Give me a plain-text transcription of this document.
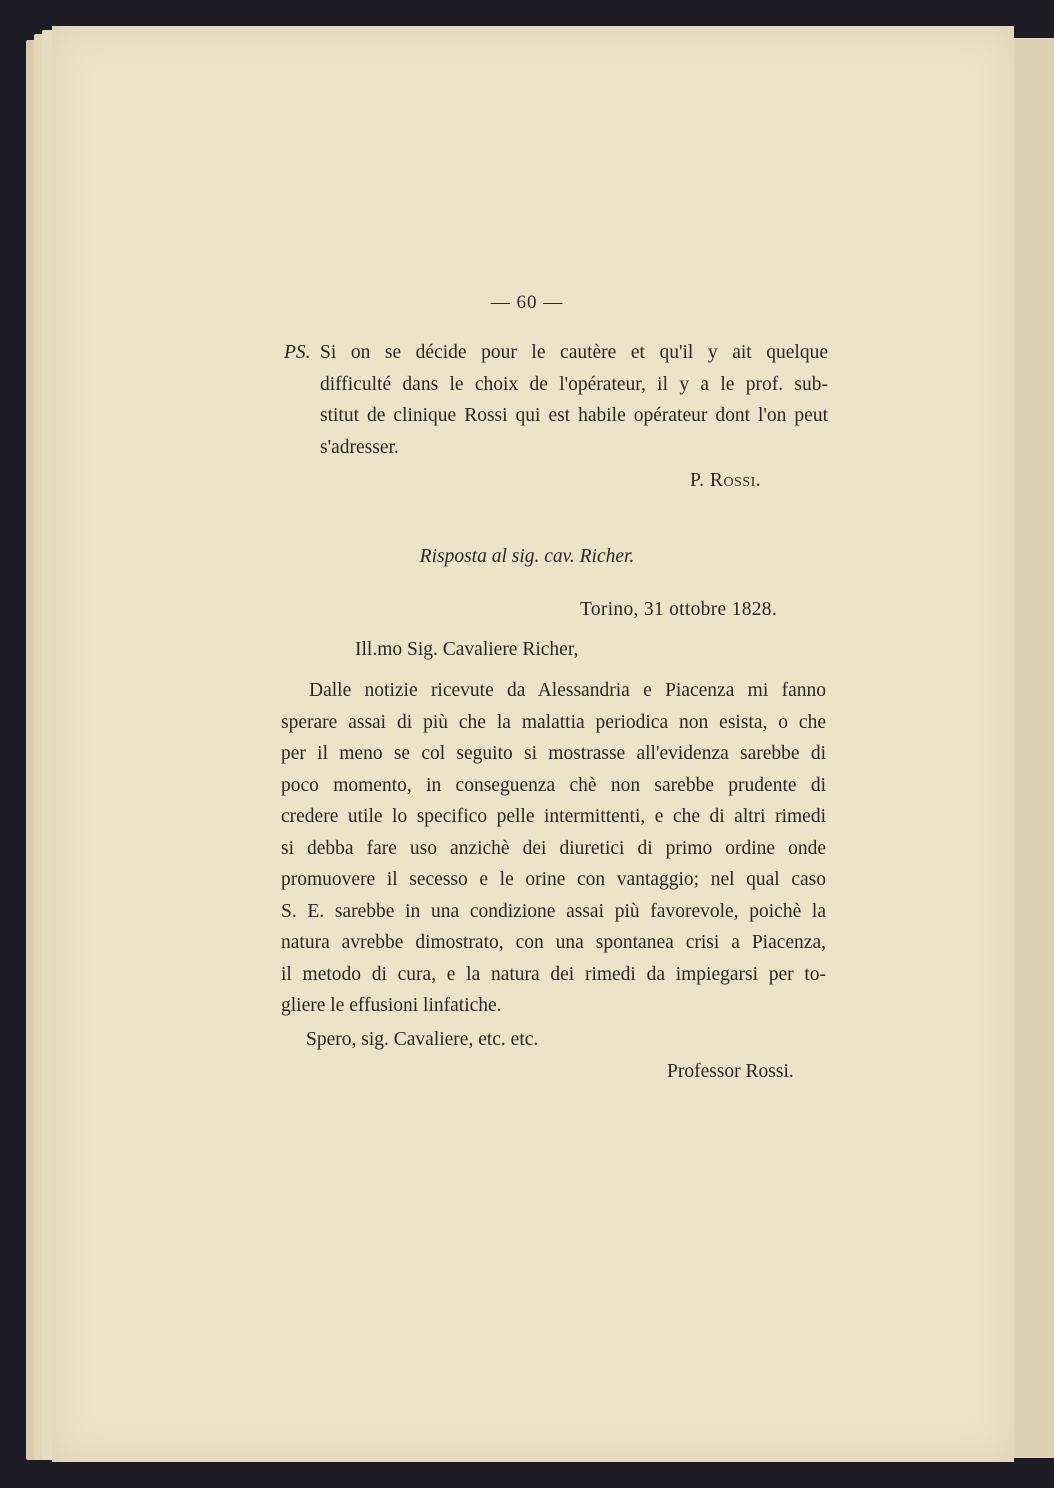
— 60 —
PS. Si on se décide pour le cautère et qu'il y ait quelque
difficulté dans le choix de l'opérateur, il y a le prof. sub-
stitut de clinique Rossi qui est habile opérateur dont l'on peut
s'adresser.
P. Rossi.
Risposta al sig. cav. Richer.
Torino, 31 ottobre 1828.
Ill.mo Sig. Cavaliere Richer,
Dalle notizie ricevute da Alessandria e Piacenza mi fanno
sperare assai di più che la malattia periodica non esista, o che
per il meno se col seguito si mostrasse all'evidenza sarebbe di
poco momento, in conseguenza chè non sarebbe prudente di
credere utile lo specifico pelle intermittenti, e che di altri rimedi
si debba fare uso anzichè dei diuretici di primo ordine onde
promuovere il secesso e le orine con vantaggio; nel qual caso
S. E. sarebbe in una condizione assai più favorevole, poichè la
natura avrebbe dimostrato, con una spontanea crisi a Piacenza,
il metodo di cura, e la natura dei rimedi da impiegarsi per to-
gliere le effusioni linfatiche.
Spero, sig. Cavaliere, etc. etc.
Professor Rossi.
